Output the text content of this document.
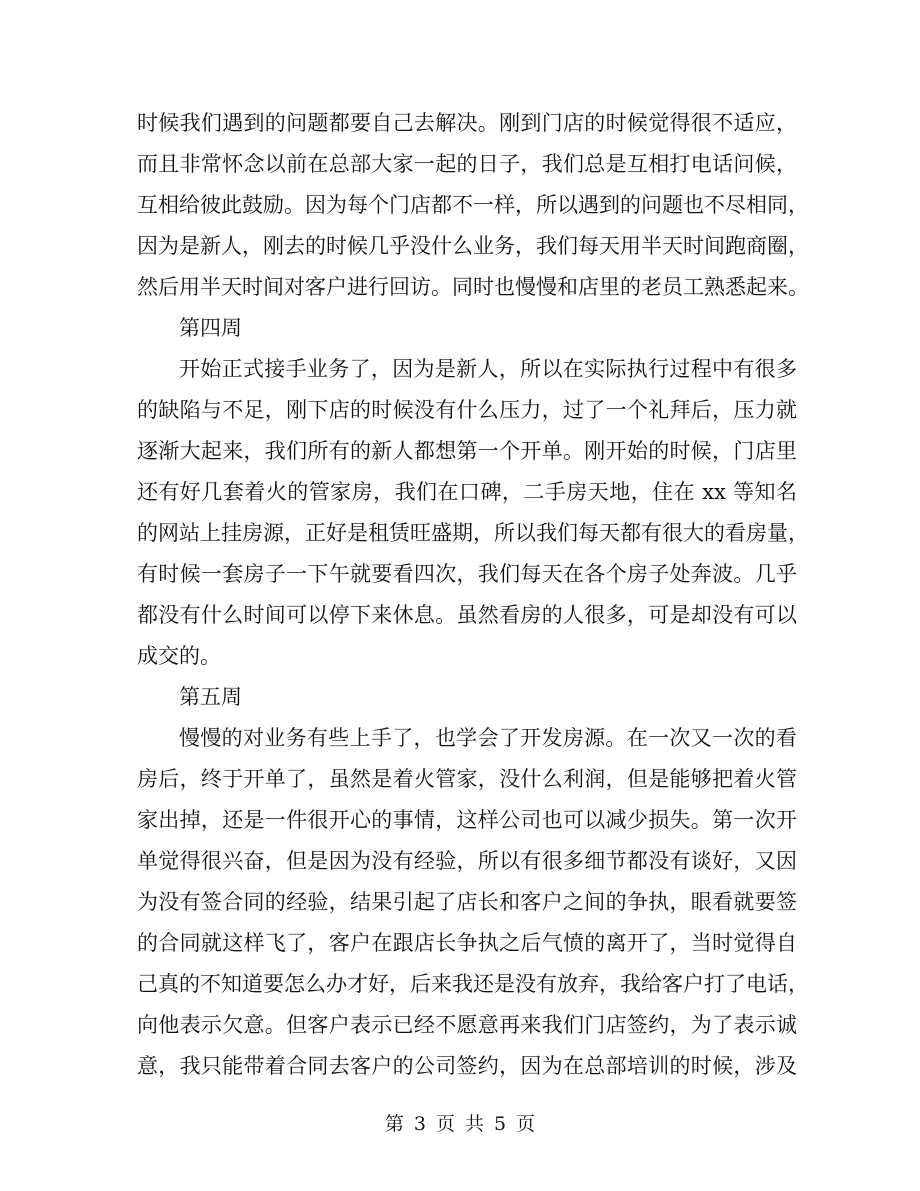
时候我们遇到的问题都要自己去解决。刚到门店的时候觉得很不适应，
而且非常怀念以前在总部大家一起的日子，我们总是互相打电话问候，
互相给彼此鼓励。因为每个门店都不一样，所以遇到的问题也不尽相同，
因为是新人，刚去的时候几乎没什么业务，我们每天用半天时间跑商圈，
然后用半天时间对客户进行回访。同时也慢慢和店里的老员工熟悉起来。
第四周
开始正式接手业务了，因为是新人，所以在实际执行过程中有很多
的缺陷与不足，刚下店的时候没有什么压力，过了一个礼拜后，压力就
逐渐大起来，我们所有的新人都想第一个开单。刚开始的时候，门店里
还有好几套着火的管家房，我们在口碑，二手房天地，住在 xx 等知名
的网站上挂房源，正好是租赁旺盛期，所以我们每天都有很大的看房量，
有时候一套房子一下午就要看四次，我们每天在各个房子处奔波。几乎
都没有什么时间可以停下来休息。虽然看房的人很多，可是却没有可以
成交的。
第五周
慢慢的对业务有些上手了，也学会了开发房源。在一次又一次的看
房后，终于开单了，虽然是着火管家，没什么利润，但是能够把着火管
家出掉，还是一件很开心的事情，这样公司也可以减少损失。第一次开
单觉得很兴奋，但是因为没有经验，所以有很多细节都没有谈好，又因
为没有签合同的经验，结果引起了店长和客户之间的争执，眼看就要签
的合同就这样飞了，客户在跟店长争执之后气愤的离开了，当时觉得自
己真的不知道要怎么办才好，后来我还是没有放弃，我给客户打了电话，
向他表示欠意。但客户表示已经不愿意再来我们门店签约，为了表示诚
意，我只能带着合同去客户的公司签约，因为在总部培训的时候，涉及
第 3 页 共 5 页
